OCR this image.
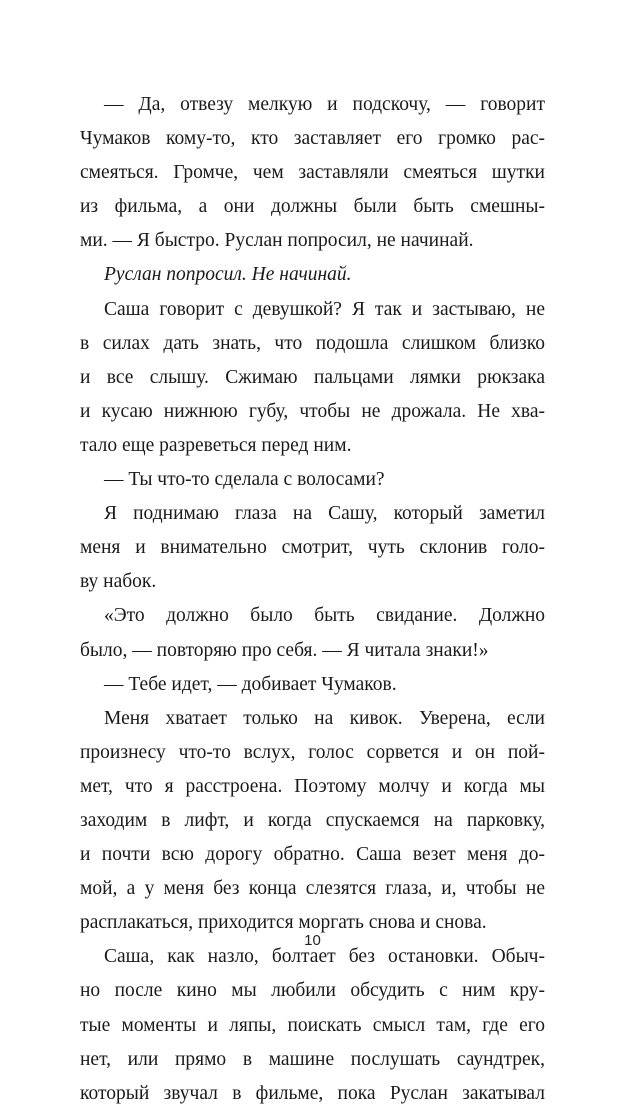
— Да, отвезу мелкую и подскочу, — говорит
Чумаков кому-то, кто заставляет его громко рас-
смеяться. Громче, чем заставляли смеяться шутки
из фильма, а они должны были быть смешны-
ми. — Я быстро. Руслан попросил, не начинай.
Руслан попросил. Не начинай.
Саша говорит с девушкой? Я так и застываю, не
в силах дать знать, что подошла слишком близко
и все слышу. Сжимаю пальцами лямки рюкзака
и кусаю нижнюю губу, чтобы не дрожала. Не хва-
тало еще разреветься перед ним.
— Ты что-то сделала с волосами?
Я поднимаю глаза на Сашу, который заметил
меня и внимательно смотрит, чуть склонив голо-
ву набок.
«Это должно было быть свидание. Должно
было, — повторяю про себя. — Я читала знаки!»
— Тебе идет, — добивает Чумаков.
Меня хватает только на кивок. Уверена, если
произнесу что-то вслух, голос сорвется и он пой-
мет, что я расстроена. Поэтому молчу и когда мы
заходим в лифт, и когда спускаемся на парковку,
и почти всю дорогу обратно. Саша везет меня до-
мой, а у меня без конца слезятся глаза, и, чтобы не
расплакаться, приходится моргать снова и снова.
Саша, как назло, болтает без остановки. Обыч-
но после кино мы любили обсудить с ним кру-
тые моменты и ляпы, поискать смысл там, где его
нет, или прямо в машине послушать саундтрек,
который звучал в фильме, пока Руслан закатывал
10
